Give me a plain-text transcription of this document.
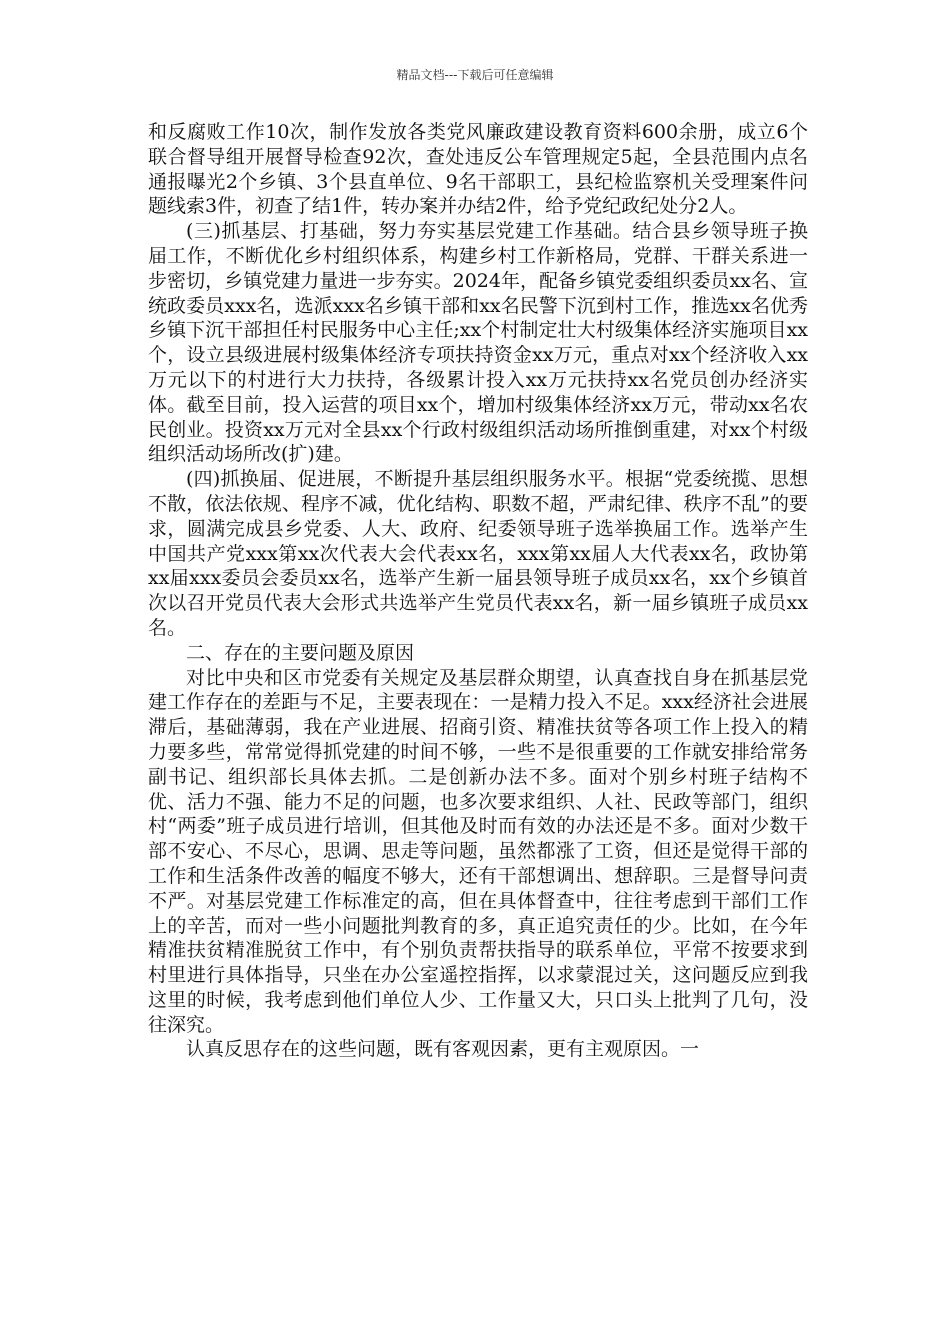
精品文档---下载后可任意编辑

和反腐败工作10次，制作发放各类党风廉政建设教育资料600余册，成立6个联合督导组开展督导检查92次，查处违反公车管理规定5起，全县范围内点名通报曝光2个乡镇、3个县直单位、9名干部职工，县纪检监察机关受理案件问题线索3件，初查了结1件，转办案并办结2件，给予党纪政纪处分2人。

(三)抓基层、打基础，努力夯实基层党建工作基础。结合县乡领导班子换届工作，不断优化乡村组织体系，构建乡村工作新格局，党群、干群关系进一步密切，乡镇党建力量进一步夯实。2024年，配备乡镇党委组织委员xx名、宣统政委员xxx名，选派xxx名乡镇干部和xx名民警下沉到村工作，推选xx名优秀乡镇下沉干部担任村民服务中心主任;xx个村制定壮大村级集体经济实施项目xx个，设立县级进展村级集体经济专项扶持资金xx万元，重点对xx个经济收入xx万元以下的村进行大力扶持，各级累计投入xx万元扶持xx名党员创办经济实体。截至目前，投入运营的项目xx个，增加村级集体经济xx万元，带动xx名农民创业。投资xx万元对全县xx个行政村级组织活动场所推倒重建，对xx个村级组织活动场所改(扩)建。

(四)抓换届、促进展，不断提升基层组织服务水平。根据“党委统揽、思想不散，依法依规、程序不减，优化结构、职数不超，严肃纪律、秩序不乱”的要求，圆满完成县乡党委、人大、政府、纪委领导班子选举换届工作。选举产生中国共产党xxx第xx次代表大会代表xx名，xxx第xx届人大代表xx名，政协第xx届xxx委员会委员xx名，选举产生新一届县领导班子成员xx名，xx个乡镇首次以召开党员代表大会形式共选举产生党员代表xx名，新一届乡镇班子成员xx名。

二、存在的主要问题及原因

对比中央和区市党委有关规定及基层群众期望，认真查找自身在抓基层党建工作存在的差距与不足，主要表现在：一是精力投入不足。xxx经济社会进展滞后，基础薄弱，我在产业进展、招商引资、精准扶贫等各项工作上投入的精力要多些，常常觉得抓党建的时间不够，一些不是很重要的工作就安排给常务副书记、组织部长具体去抓。二是创新办法不多。面对个别乡村班子结构不优、活力不强、能力不足的问题，也多次要求组织、人社、民政等部门，组织村“两委”班子成员进行培训，但其他及时而有效的办法还是不多。面对少数干部不安心、不尽心，思调、思走等问题，虽然都涨了工资，但还是觉得干部的工作和生活条件改善的幅度不够大，还有干部想调出、想辞职。三是督导问责不严。对基层党建工作标准定的高，但在具体督查中，往往考虑到干部们工作上的辛苦，而对一些小问题批判教育的多，真正追究责任的少。比如，在今年精准扶贫精准脱贫工作中，有个别负责帮扶指导的联系单位，平常不按要求到村里进行具体指导，只坐在办公室遥控指挥，以求蒙混过关，这问题反应到我这里的时候，我考虑到他们单位人少、工作量又大，只口头上批判了几句，没往深究。

认真反思存在的这些问题，既有客观因素，更有主观原因。一
